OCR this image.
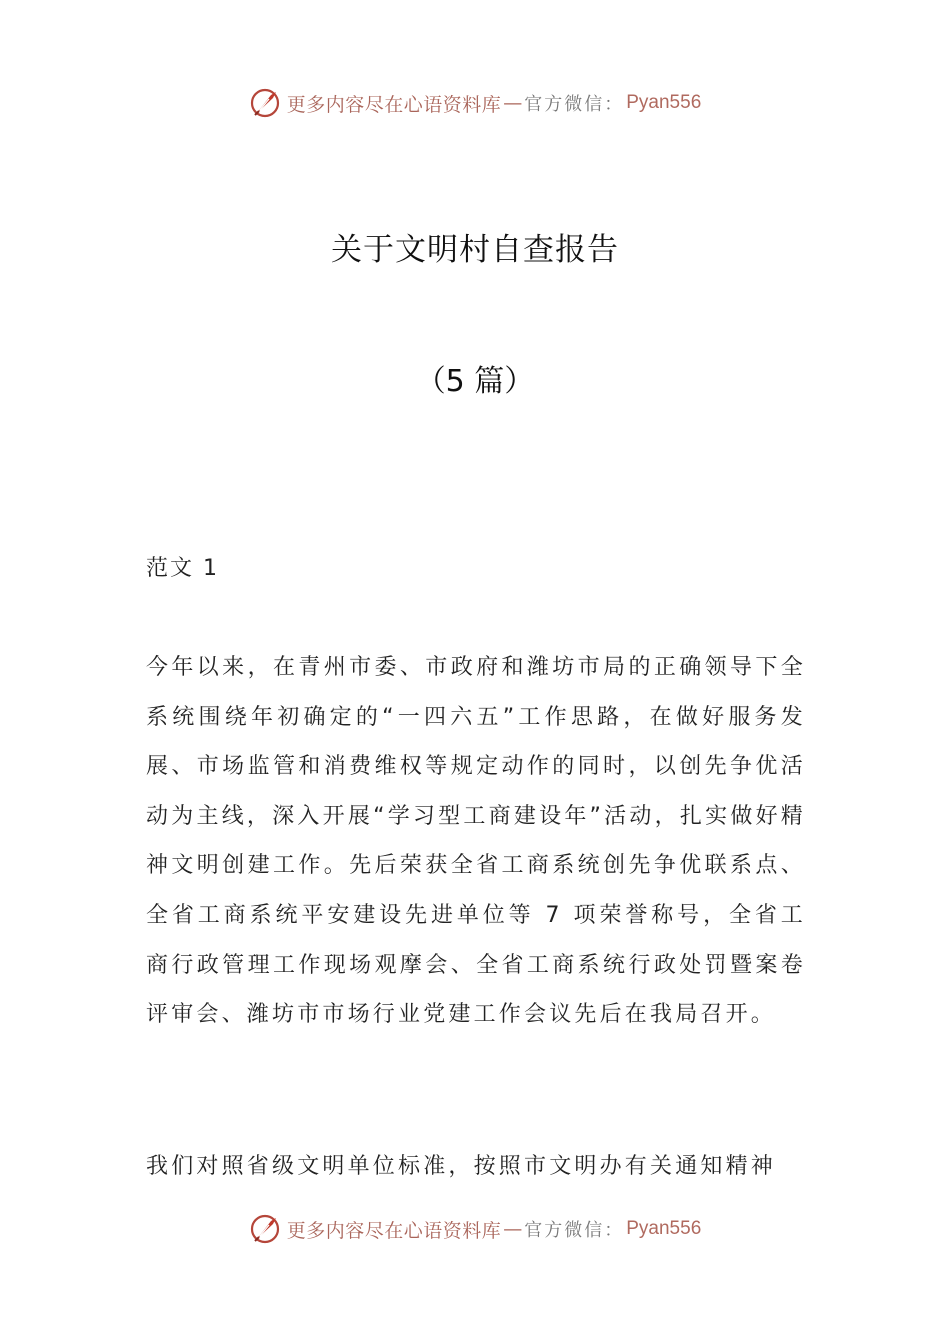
更多内容尽在心语资料库 — 官方微信： Pyan556
关于文明村自查报告
（5 篇）
范文 1

今年以来，在青州市委、市政府和潍坊市局的正确领导下全系统围绕年初确定的“一四六五”工作思路，在做好服务发展、市场监管和消费维权等规定动作的同时，以创先争优活动为主线，深入开展“学习型工商建设年”活动，扎实做好精神文明创建工作。先后荣获全省工商系统创先争优联系点、全省工商系统平安建设先进单位等 7 项荣誉称号，全省工商行政管理工作现场观摩会、全省工商系统行政处罚暨案卷评审会、潍坊市市场行业党建工作会议先后在我局召开。

我们对照省级文明单位标准，按照市文明办有关通知精神

更多内容尽在心语资料库 — 官方微信： Pyan556
